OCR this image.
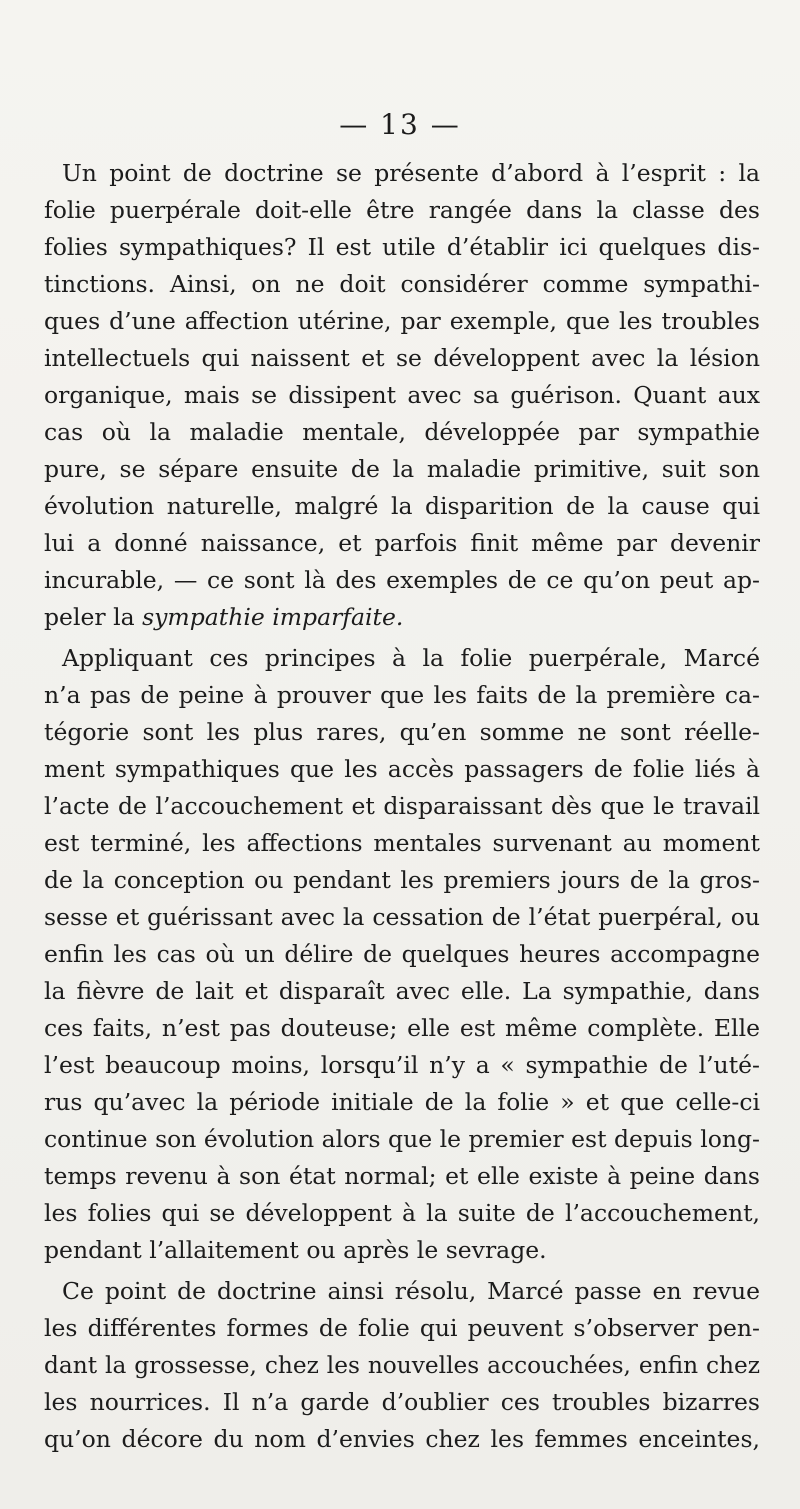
— 13 —
Un point de doctrine se présente d’abord à l’esprit : la
folie puerpérale doit-elle être rangée dans la classe des
folies sympathiques? Il est utile d’établir ici quelques dis-
tinctions. Ainsi, on ne doit considérer comme sympathi-
ques d’une affection utérine, par exemple, que les troubles
intellectuels qui naissent et se développent avec la lésion
organique, mais se dissipent avec sa guérison. Quant aux
cas où la maladie mentale, développée par sympathie
pure, se sépare ensuite de la maladie primitive, suit son
évolution naturelle, malgré la disparition de la cause qui
lui a donné naissance, et parfois finit même par devenir
incurable, — ce sont là des exemples de ce qu’on peut ap-
peler la sympathie imparfaite.
Appliquant ces principes à la folie puerpérale, Marcé
n’a pas de peine à prouver que les faits de la première ca-
tégorie sont les plus rares, qu’en somme ne sont réelle-
ment sympathiques que les accès passagers de folie liés à
l’acte de l’accouchement et disparaissant dès que le travail
est terminé, les affections mentales survenant au moment
de la conception ou pendant les premiers jours de la gros-
sesse et guérissant avec la cessation de l’état puerpéral, ou
enfin les cas où un délire de quelques heures accompagne
la fièvre de lait et disparaît avec elle. La sympathie, dans
ces faits, n’est pas douteuse; elle est même complète. Elle
l’est beaucoup moins, lorsqu’il n’y a « sympathie de l’uté-
rus qu’avec la période initiale de la folie » et que celle-ci
continue son évolution alors que le premier est depuis long-
temps revenu à son état normal; et elle existe à peine dans
les folies qui se développent à la suite de l’accouchement,
pendant l’allaitement ou après le sevrage.
Ce point de doctrine ainsi résolu, Marcé passe en revue
les différentes formes de folie qui peuvent s’observer pen-
dant la grossesse, chez les nouvelles accouchées, enfin chez
les nourrices. Il n’a garde d’oublier ces troubles bizarres
qu’on décore du nom d’envies chez les femmes enceintes,
